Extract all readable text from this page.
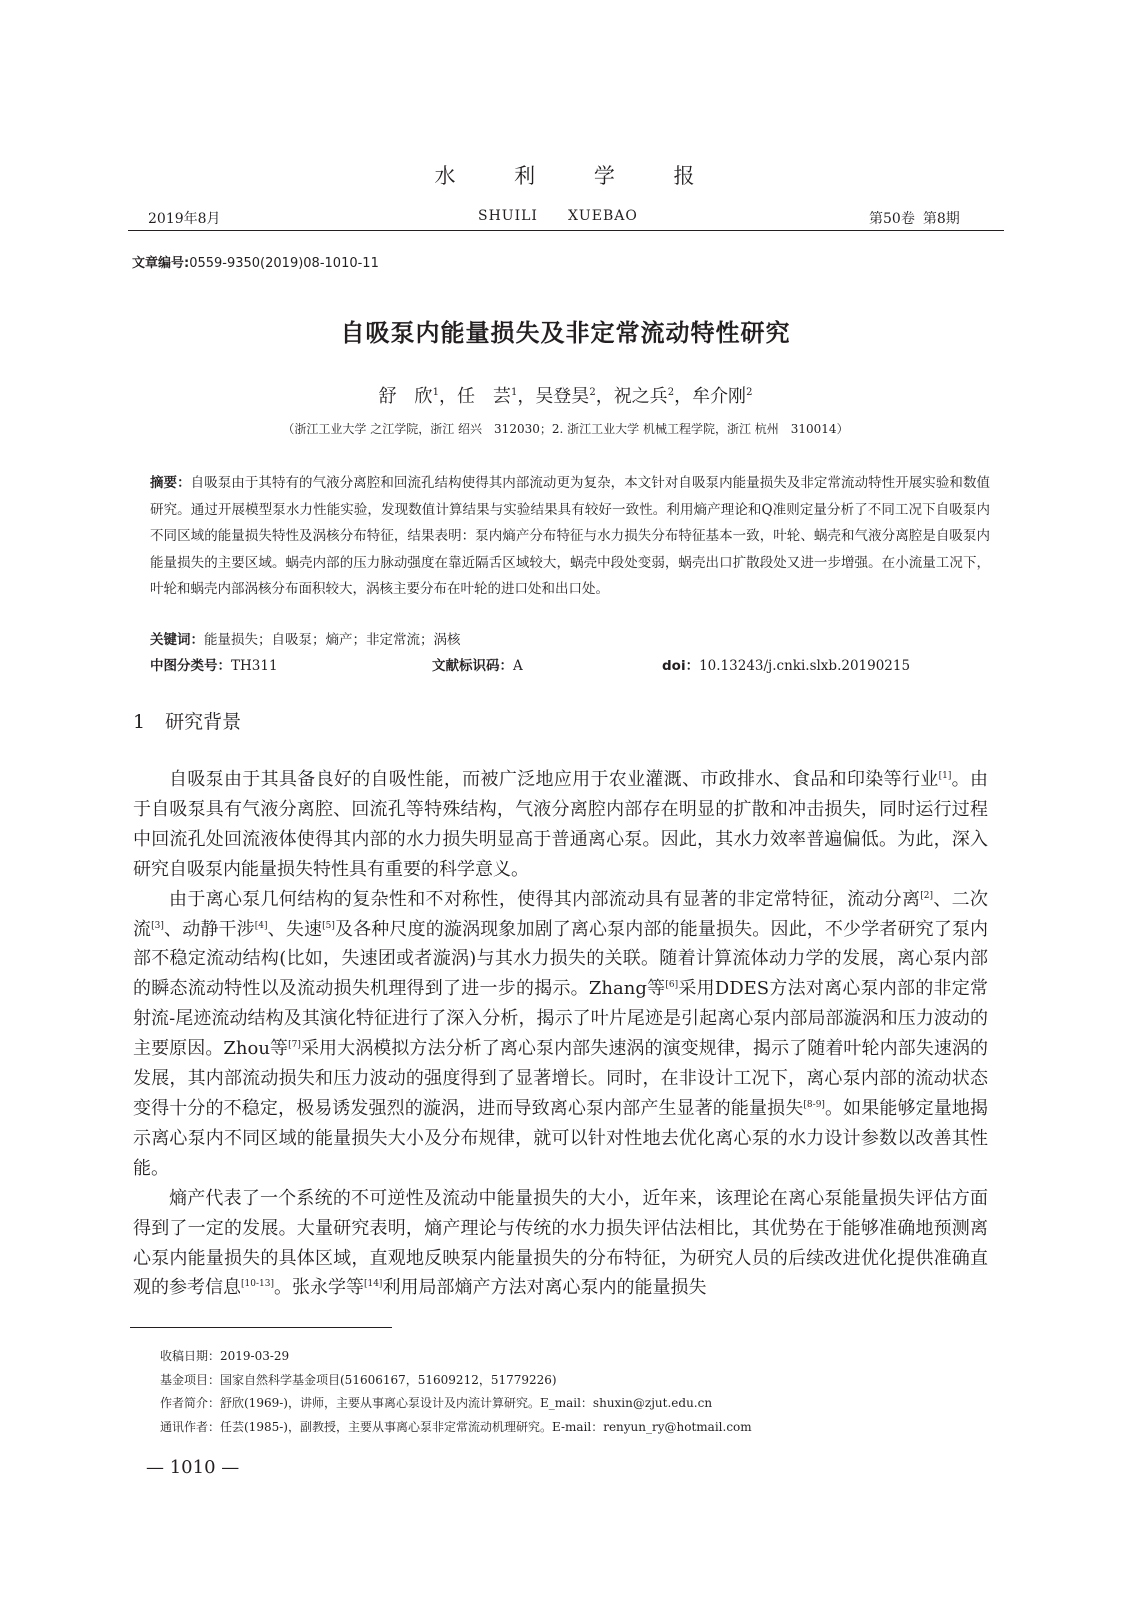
水	利	学	报
2019年8月	SHUILI XUEBAO	第50卷 第8期
文章编号:0559-9350(2019)08-1010-11
自吸泵内能量损失及非定常流动特性研究
舒　欣$^1$，任　芸$^1$，吴登昊$^2$，祝之兵$^2$，牟介刚$^2$
（浙江工业大学 之江学院，浙江 绍兴　312030；2. 浙江工业大学 机械工程学院，浙江 杭州　310014）
摘要：自吸泵由于其特有的气液分离腔和回流孔结构使得其内部流动更为复杂，本文针对自吸泵内能量损失及非定常流动特性开展实验和数值研究。通过开展模型泵水力性能实验，发现数值计算结果与实验结果具有较好一致性。利用熵产理论和Q准则定量分析了不同工况下自吸泵内不同区域的能量损失特性及涡核分布特征，结果表明：泵内熵产分布特征与水力损失分布特征基本一致，叶轮、蜗壳和气液分离腔是自吸泵内能量损失的主要区域。蜗壳内部的压力脉动强度在靠近隔舌区域较大，蜗壳中段处变弱，蜗壳出口扩散段处又进一步增强。在小流量工况下，叶轮和蜗壳内部涡核分布面积较大，涡核主要分布在叶轮的进口处和出口处。
关键词：能量损失；自吸泵；熵产；非定常流；涡核
中图分类号：TH311	文献标识码：A	doi：10.13243/j.cnki.slxb.20190215
1 研究背景

自吸泵由于其具备良好的自吸性能，而被广泛地应用于农业灌溉、市政排水、食品和印染等行业[1]。由于自吸泵具有气液分离腔、回流孔等特殊结构，气液分离腔内部存在明显的扩散和冲击损失，同时运行过程中回流孔处回流液体使得其内部的水力损失明显高于普通离心泵。因此，其水力效率普遍偏低。为此，深入研究自吸泵内能量损失特性具有重要的科学意义。

由于离心泵几何结构的复杂性和不对称性，使得其内部流动具有显著的非定常特征，流动分离[2]、二次流[3]、动静干涉[4]、失速[5]及各种尺度的漩涡现象加剧了离心泵内部的能量损失。因此，不少学者研究了泵内部不稳定流动结构(比如，失速团或者漩涡)与其水力损失的关联。随着计算流体动力学的发展，离心泵内部的瞬态流动特性以及流动损失机理得到了进一步的揭示。Zhang等[6]采用DDES方法对离心泵内部的非定常射流-尾迹流动结构及其演化特征进行了深入分析，揭示了叶片尾迹是引起离心泵内部局部漩涡和压力波动的主要原因。Zhou等[7]采用大涡模拟方法分析了离心泵内部失速涡的演变规律，揭示了随着叶轮内部失速涡的发展，其内部流动损失和压力波动的强度得到了显著增长。同时，在非设计工况下，离心泵内部的流动状态变得十分的不稳定，极易诱发强烈的漩涡，进而导致离心泵内部产生显著的能量损失[8-9]。如果能够定量地揭示离心泵内不同区域的能量损失大小及分布规律，就可以针对性地去优化离心泵的水力设计参数以改善其性能。

熵产代表了一个系统的不可逆性及流动中能量损失的大小，近年来，该理论在离心泵能量损失评估方面得到了一定的发展。大量研究表明，熵产理论与传统的水力损失评估法相比，其优势在于能够准确地预测离心泵内能量损失的具体区域，直观地反映泵内能量损失的分布特征，为研究人员的后续改进优化提供准确直观的参考信息[10-13]。张永学等[14]利用局部熵产方法对离心泵内的能量损失

收稿日期：2019-03-29
基金项目：国家自然科学基金项目(51606167，51609212，51779226)
作者简介：舒欣(1969-)，讲师，主要从事离心泵设计及内流计算研究。E_mail：shuxin@zjut.edu.cn
通讯作者：任芸(1985-)，副教授，主要从事离心泵非定常流动机理研究。E-mail：renyun_ry@hotmail.com
— 1010 —
